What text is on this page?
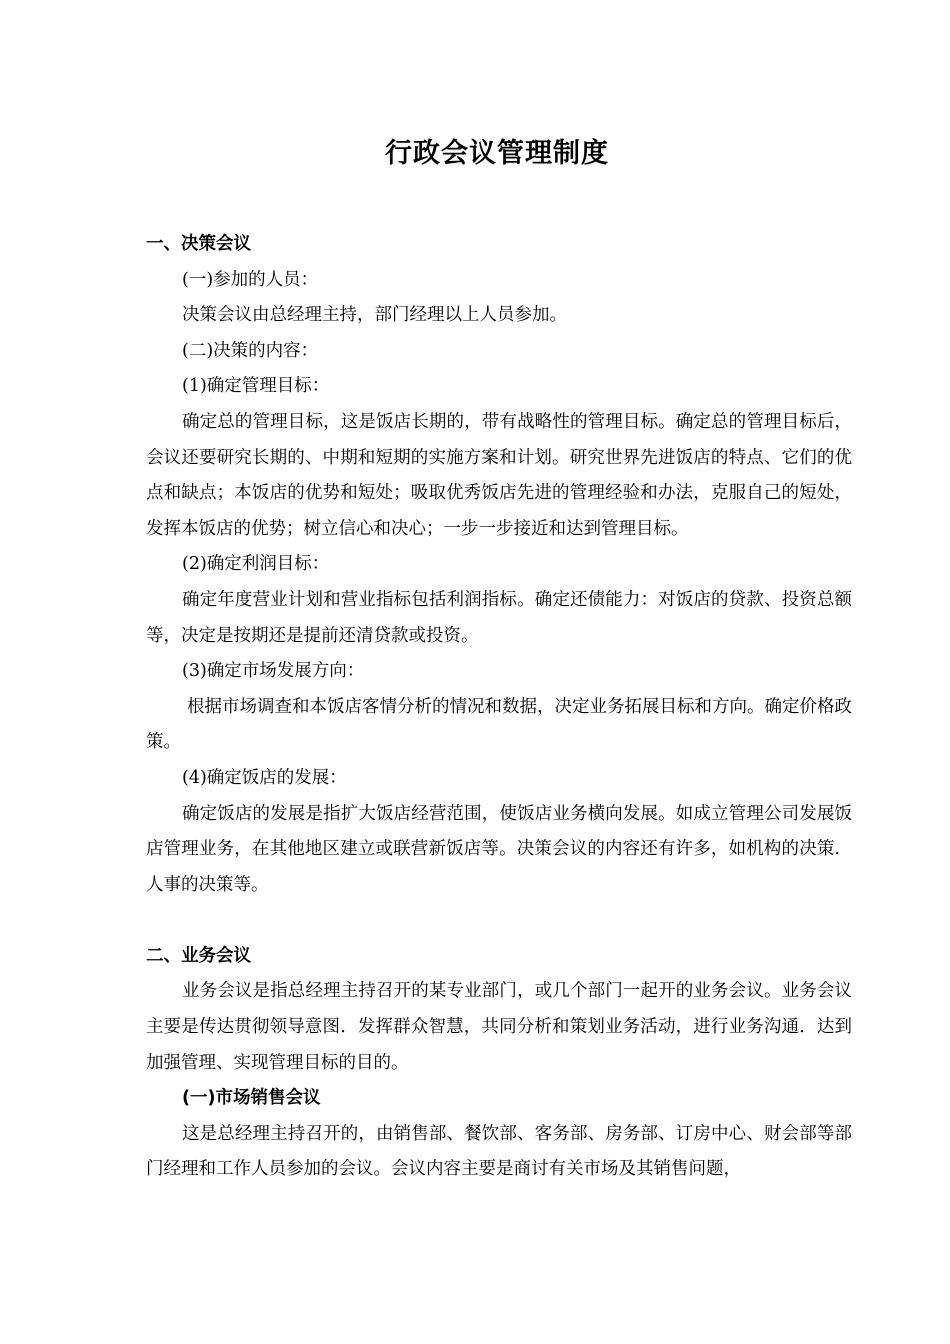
行政会议管理制度

一、决策会议

(一)参加的人员：

决策会议由总经理主持，部门经理以上人员参加。

(二)决策的内容：

(1)确定管理目标：

确定总的管理目标，这是饭店长期的，带有战略性的管理目标。确定总的管理目标后，会议还要研究长期的、中期和短期的实施方案和计划。研究世界先进饭店的特点、它们的优点和缺点；本饭店的优势和短处；吸取优秀饭店先进的管理经验和办法，克服自己的短处，发挥本饭店的优势；树立信心和决心；一步一步接近和达到管理目标。

(2)确定利润目标：

确定年度营业计划和营业指标包括利润指标。确定还债能力：对饭店的贷款、投资总额等，决定是按期还是提前还清贷款或投资。

(3)确定市场发展方向：

根据市场调查和本饭店客情分析的情况和数据，决定业务拓展目标和方向。确定价格政策。

(4)确定饭店的发展：

确定饭店的发展是指扩大饭店经营范围，使饭店业务横向发展。如成立管理公司发展饭店管理业务，在其他地区建立或联营新饭店等。决策会议的内容还有许多，如机构的决策．人事的决策等。

二、业务会议

业务会议是指总经理主持召开的某专业部门，或几个部门一起开的业务会议。业务会议主要是传达贯彻领导意图．发挥群众智慧，共同分析和策划业务活动，进行业务沟通．达到加强管理、实现管理目标的目的。

(一)市场销售会议

这是总经理主持召开的，由销售部、餐饮部、客务部、房务部、订房中心、财会部等部门经理和工作人员参加的会议。会议内容主要是商讨有关市场及其销售问题，
